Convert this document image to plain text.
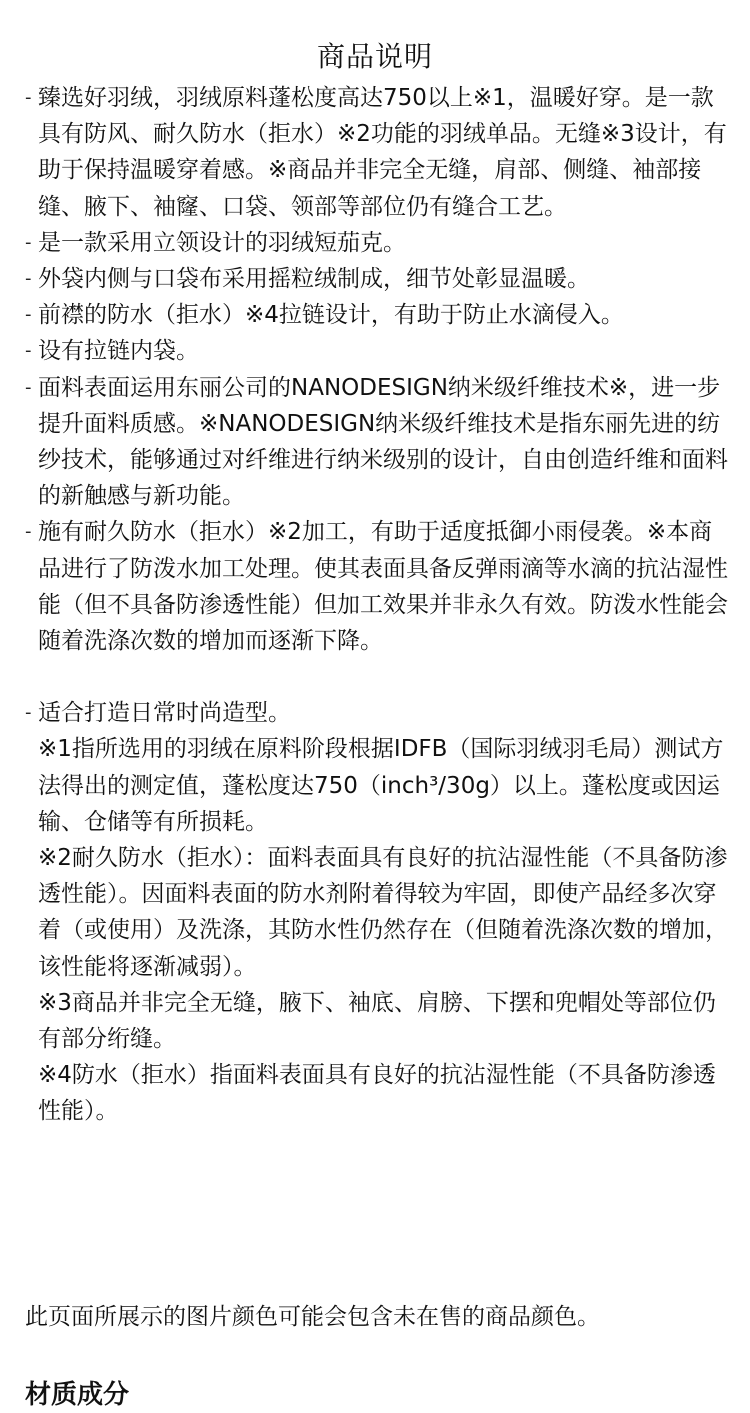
商品说明

- 臻选好羽绒，羽绒原料蓬松度高达750以上※1，温暖好穿。是一款具有防风、耐久防水（拒水）※2功能的羽绒单品。无缝※3设计，有助于保持温暖穿着感。※商品并非完全无缝，肩部、侧缝、袖部接缝、腋下、袖窿、口袋、领部等部位仍有缝合工艺。

- 是一款采用立领设计的羽绒短茄克。

- 外袋内侧与口袋布采用摇粒绒制成，细节处彰显温暖。

- 前襟的防水（拒水）※4拉链设计，有助于防止水滴侵入。

- 设有拉链内袋。

- 面料表面运用东丽公司的NANODESIGN纳米级纤维技术※，进一步提升面料质感。※NANODESIGN纳米级纤维技术是指东丽先进的纺纱技术，能够通过对纤维进行纳米级别的设计，自由创造纤维和面料的新触感与新功能。

- 施有耐久防水（拒水）※2加工，有助于适度抵御小雨侵袭。※本商品进行了防泼水加工处理。使其表面具备反弹雨滴等水滴的抗沾湿性能（但不具备防渗透性能）但加工效果并非永久有效。防泼水性能会随着洗涤次数的增加而逐渐下降。

- 适合打造日常时尚造型。

※1指所选用的羽绒在原料阶段根据IDFB（国际羽绒羽毛局）测试方法得出的测定值，蓬松度达750（inch³/30g）以上。蓬松度或因运输、仓储等有所损耗。

※2耐久防水（拒水）：面料表面具有良好的抗沾湿性能（不具备防渗透性能）。因面料表面的防水剂附着得较为牢固，即使产品经多次穿着（或使用）及洗涤，其防水性仍然存在（但随着洗涤次数的增加，该性能将逐渐减弱）。

※3商品并非完全无缝，腋下、袖底、肩膀、下摆和兜帽处等部位仍有部分绗缝。

※4防水（拒水）指面料表面具有良好的抗沾湿性能（不具备防渗透性能）。

此页面所展示的图片颜色可能会包含未在售的商品颜色。

材质成分
